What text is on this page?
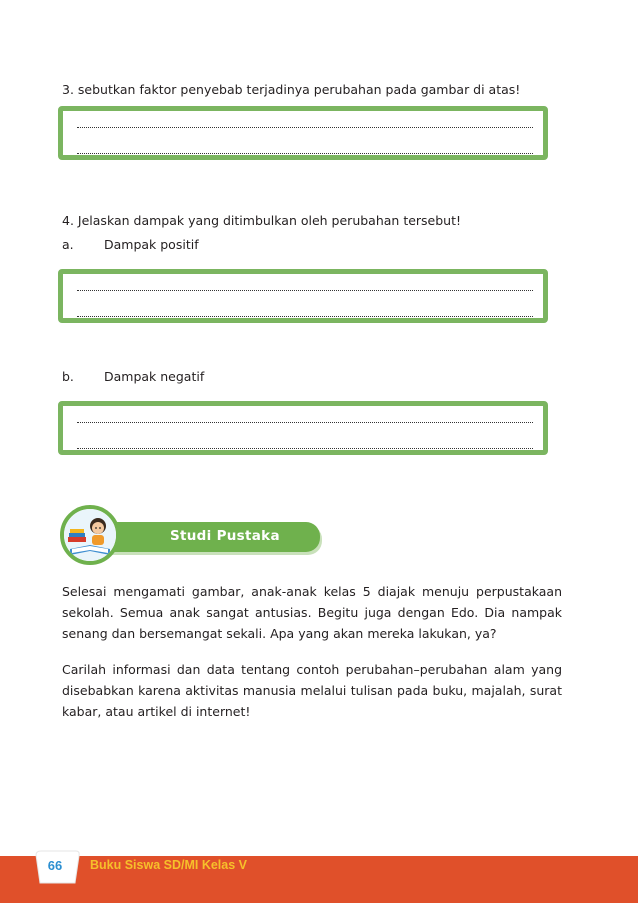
3. sebutkan faktor penyebab terjadinya perubahan pada gambar di atas!
4. Jelaskan dampak yang ditimbulkan oleh perubahan tersebut!
a. Dampak positif
b. Dampak negatif
Studi Pustaka
Selesai mengamati gambar, anak-anak kelas 5 diajak menuju perpustakaan sekolah. Semua anak sangat antusias. Begitu juga dengan Edo. Dia nampak senang dan bersemangat sekali. Apa yang akan mereka lakukan, ya?
Carilah informasi dan data tentang contoh perubahan–perubahan alam yang disebabkan karena aktivitas manusia melalui tulisan pada buku, majalah, surat kabar, atau artikel di internet!
66	Buku Siswa SD/MI Kelas V
